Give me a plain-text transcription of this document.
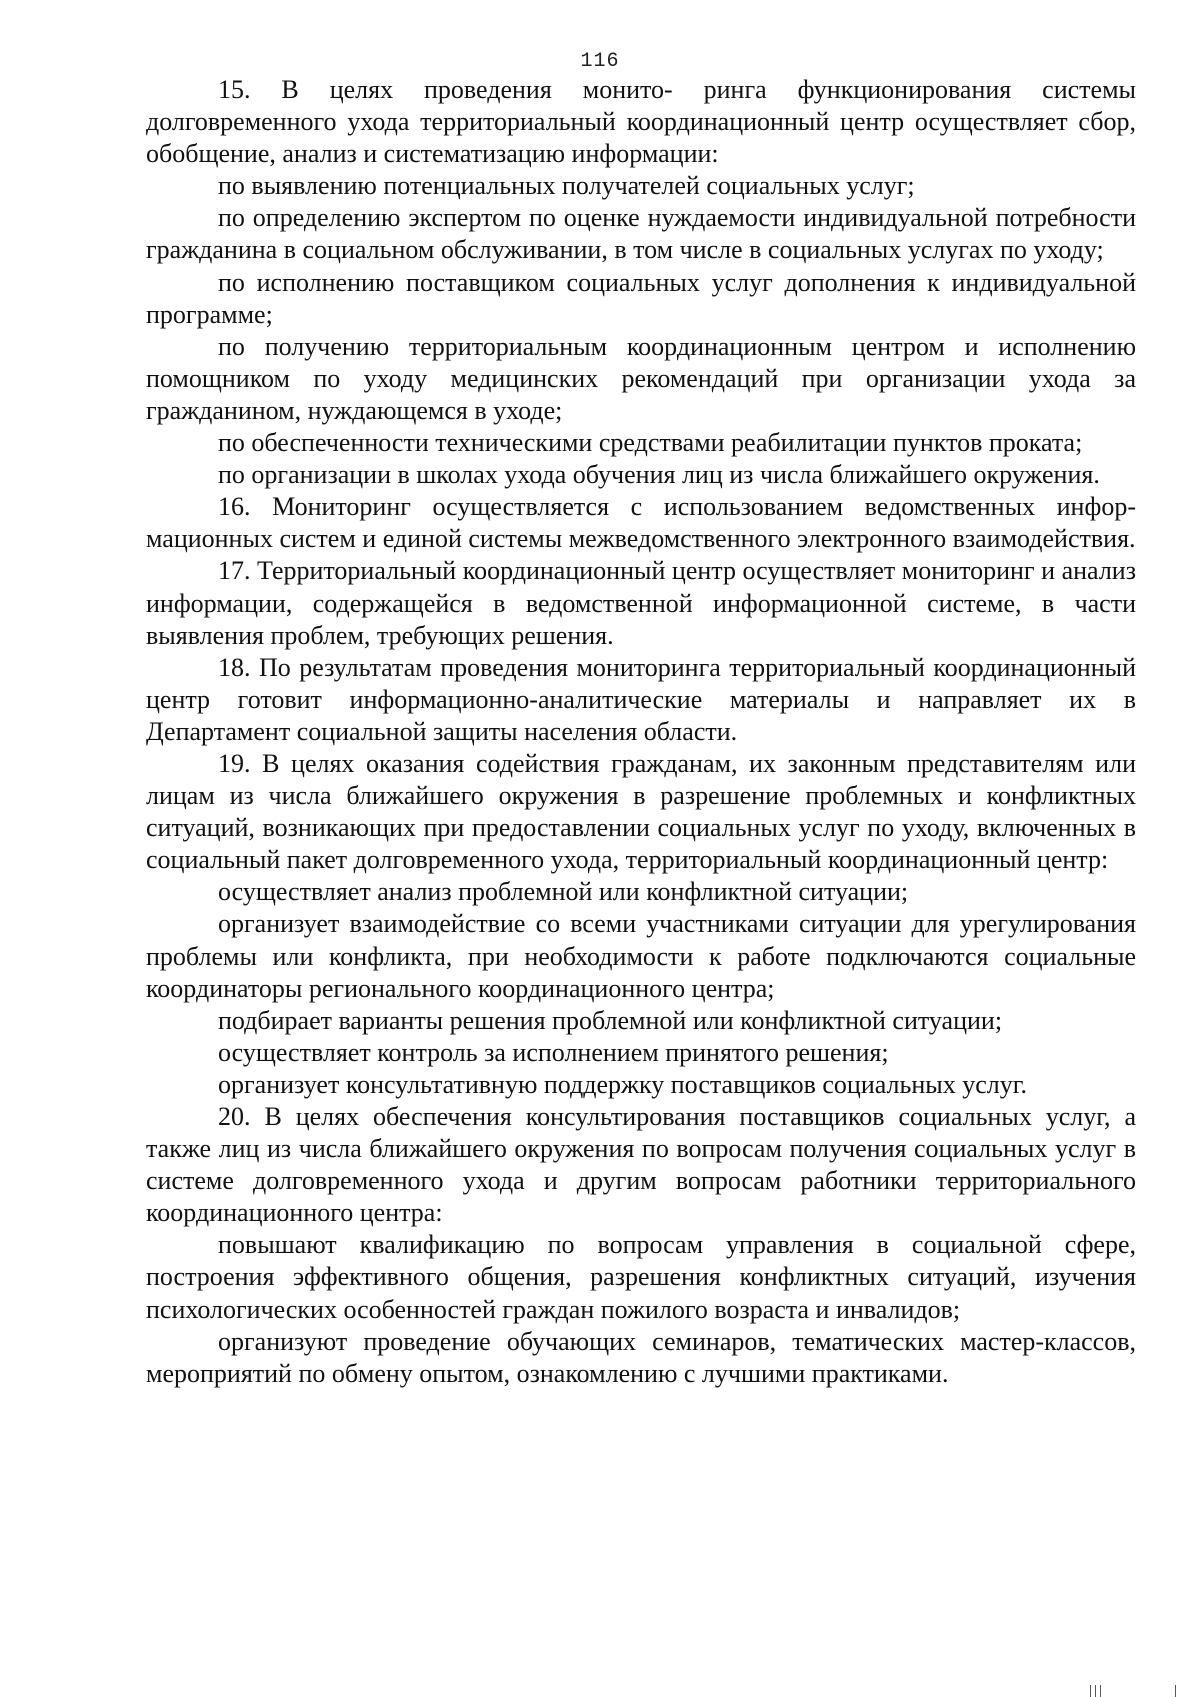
116

15. В целях проведения монито- ринга функционирования системы долговременного ухода территориальный координационный центр осуществляет сбор, обобщение, анализ и систематизацию информации:

по выявлению потенциальных получателей социальных услуг;

по определению экспертом по оценке нуждаемости индивидуальной потребности гражданина в социальном обслуживании, в том числе в социальных услугах по уходу;

по исполнению поставщиком социальных услуг дополнения к индивидуальной программе;

по получению территориальным координационным центром и исполнению помощником по уходу медицинских рекомендаций при организации ухода за гражданином, нуждающемся в уходе;

по обеспеченности техническими средствами реабилитации пунктов проката;

по организации в школах ухода обучения лиц из числа ближайшего окружения.

16. Мониторинг осуществляется с использованием ведомственных информационных систем и единой системы межведомственного электронного взаимодействия.

17. Территориальный координационный центр осуществляет мониторинг и анализ информации, содержащейся в ведомственной информационной системе, в части выявления проблем, требующих решения.

18. По результатам проведения мониторинга территориальный координационный центр готовит информационно-аналитические материалы и направляет их в Департамент социальной защиты населения области.

19. В целях оказания содействия гражданам, их законным представителям или лицам из числа ближайшего окружения в разрешение проблемных и конфликтных ситуаций, возникающих при предоставлении социальных услуг по уходу, включенных в социальный пакет долговременного ухода, территориальный координационный центр:

осуществляет анализ проблемной или конфликтной ситуации;

организует взаимодействие со всеми участниками ситуации для урегулирования проблемы или конфликта, при необходимости к работе подключаются социальные координаторы регионального координационного центра;

подбирает варианты решения проблемной или конфликтной ситуации;

осуществляет контроль за исполнением принятого решения;

организует консультативную поддержку поставщиков социальных услуг.

20. В целях обеспечения консультирования поставщиков социальных услуг, а также лиц из числа ближайшего окружения по вопросам получения социальных услуг в системе долговременного ухода и другим вопросам работники территориального координационного центра:

повышают квалификацию по вопросам управления в социальной сфере, построения эффективного общения, разрешения конфликтных ситуаций, изучения психологических особенностей граждан пожилого возраста и инвалидов;

организуют проведение обучающих семинаров, тематических мастер-классов, мероприятий по обмену опытом, ознакомлению с лучшими практиками.
